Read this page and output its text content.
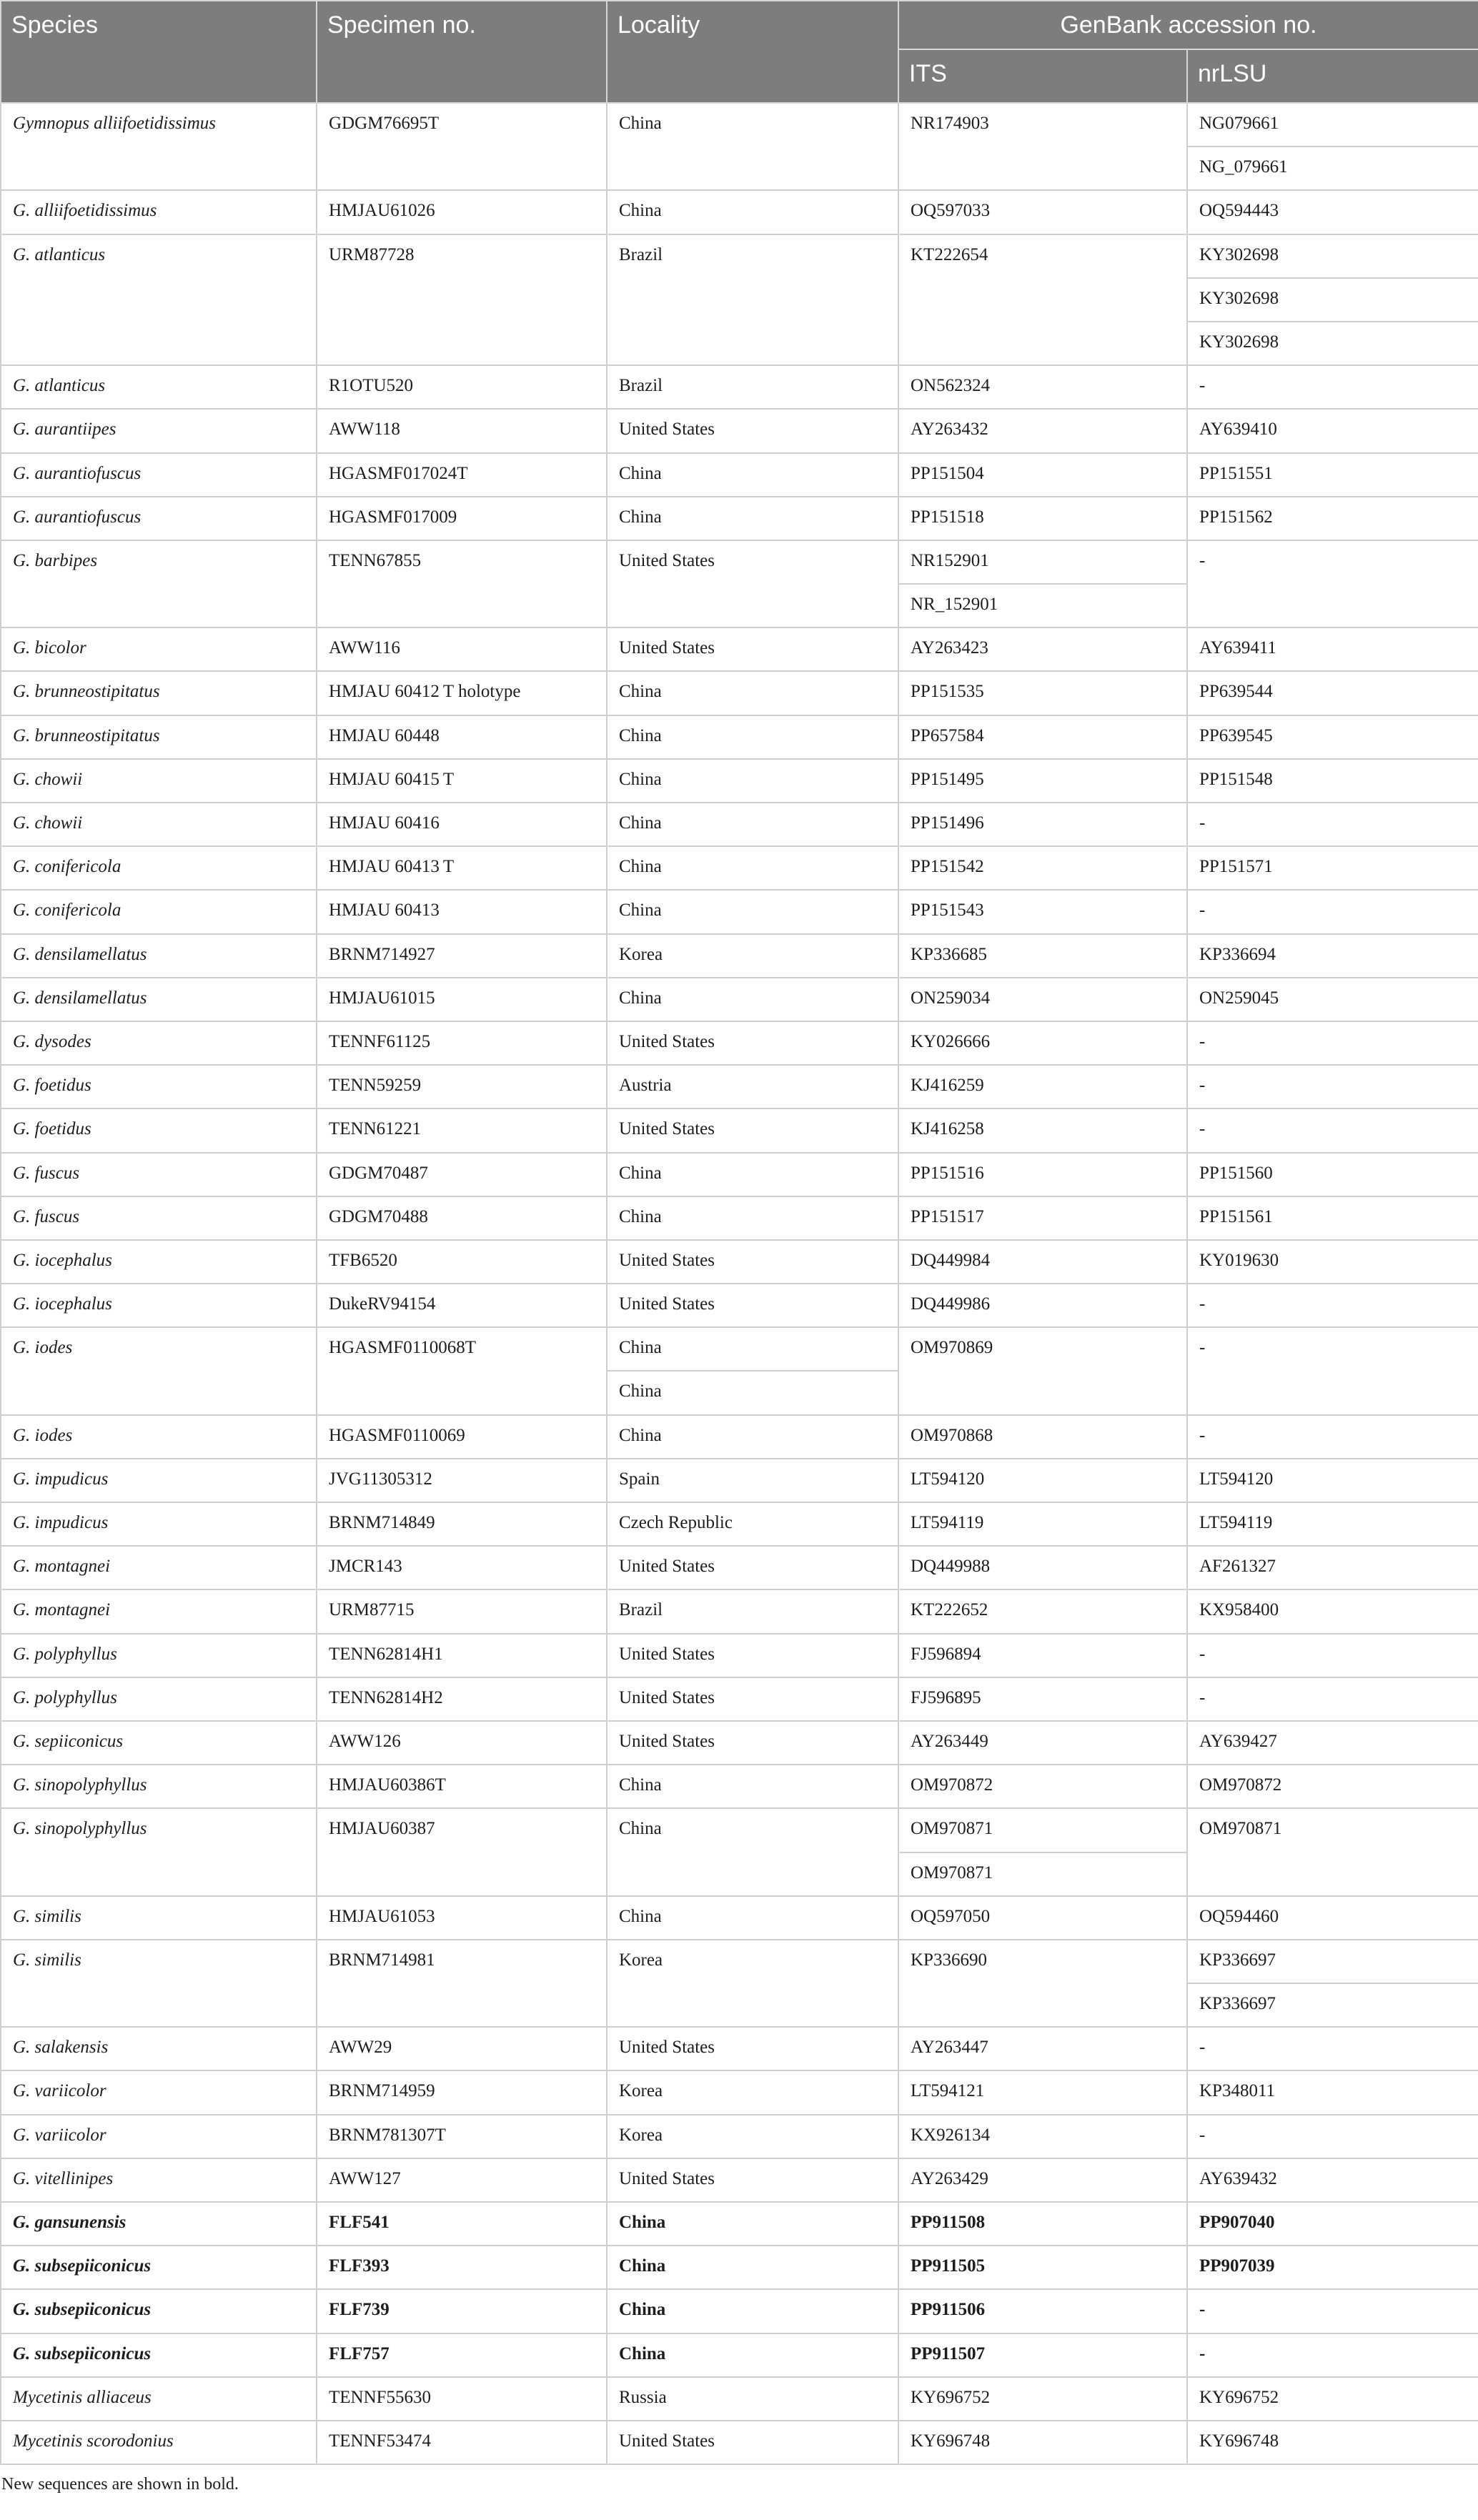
Species	Specimen no.	Locality	GenBank accession no.	
			ITS	nrLSU
Gymnopus alliifoetidissimus	GDGM76695T	China	NR174903	NG079661
				NG_079661
G. alliifoetidissimus	HMJAU61026	China	OQ597033	OQ594443
G. atlanticus	URM87728	Brazil	KT222654	KY302698
				KY302698
				KY302698
G. atlanticus	R1OTU520	Brazil	ON562324	-
G. aurantiipes	AWW118	United States	AY263432	AY639410
G. aurantiofuscus	HGASMF017024T	China	PP151504	PP151551
G. aurantiofuscus	HGASMF017009	China	PP151518	PP151562
G. barbipes	TENN67855	United States	NR152901	-
			NR_152901	
G. bicolor	AWW116	United States	AY263423	AY639411
G. brunneostipitatus	HMJAU 60412 T holotype	China	PP151535	PP639544
G. brunneostipitatus	HMJAU 60448	China	PP657584	PP639545
G. chowii	HMJAU 60415 T	China	PP151495	PP151548
G. chowii	HMJAU 60416	China	PP151496	-
G. conifericola	HMJAU 60413 T	China	PP151542	PP151571
G. conifericola	HMJAU 60413	China	PP151543	-
G. densilamellatus	BRNM714927	Korea	KP336685	KP336694
G. densilamellatus	HMJAU61015	China	ON259034	ON259045
G. dysodes	TENNF61125	United States	KY026666	-
G. foetidus	TENN59259	Austria	KJ416259	-
G. foetidus	TENN61221	United States	KJ416258	-
G. fuscus	GDGM70487	China	PP151516	PP151560
G. fuscus	GDGM70488	China	PP151517	PP151561
G. iocephalus	TFB6520	United States	DQ449984	KY019630
G. iocephalus	DukeRV94154	United States	DQ449986	-
G. iodes	HGASMF0110068T	China	OM970869	-
		China		
G. iodes	HGASMF0110069	China	OM970868	-
G. impudicus	JVG11305312	Spain	LT594120	LT594120
G. impudicus	BRNM714849	Czech Republic	LT594119	LT594119
G. montagnei	JMCR143	United States	DQ449988	AF261327
G. montagnei	URM87715	Brazil	KT222652	KX958400
G. polyphyllus	TENN62814H1	United States	FJ596894	-
G. polyphyllus	TENN62814H2	United States	FJ596895	-
G. sepiiconicus	AWW126	United States	AY263449	AY639427
G. sinopolyphyllus	HMJAU60386T	China	OM970872	OM970872
G. sinopolyphyllus	HMJAU60387	China	OM970871	OM970871
			OM970871	
G. similis	HMJAU61053	China	OQ597050	OQ594460
G. similis	BRNM714981	Korea	KP336690	KP336697
				KP336697
G. salakensis	AWW29	United States	AY263447	-
G. variicolor	BRNM714959	Korea	LT594121	KP348011
G. variicolor	BRNM781307T	Korea	KX926134	-
G. vitellinipes	AWW127	United States	AY263429	AY639432
G. gansunensis	FLF541	China	PP911508	PP907040
G. subsepiiconicus	FLF393	China	PP911505	PP907039
G. subsepiiconicus	FLF739	China	PP911506	-
G. subsepiiconicus	FLF757	China	PP911507	-
Mycetinis alliaceus	TENNF55630	Russia	KY696752	KY696752
Mycetinis scorodonius	TENNF53474	United States	KY696748	KY696748
New sequences are shown in bold.
